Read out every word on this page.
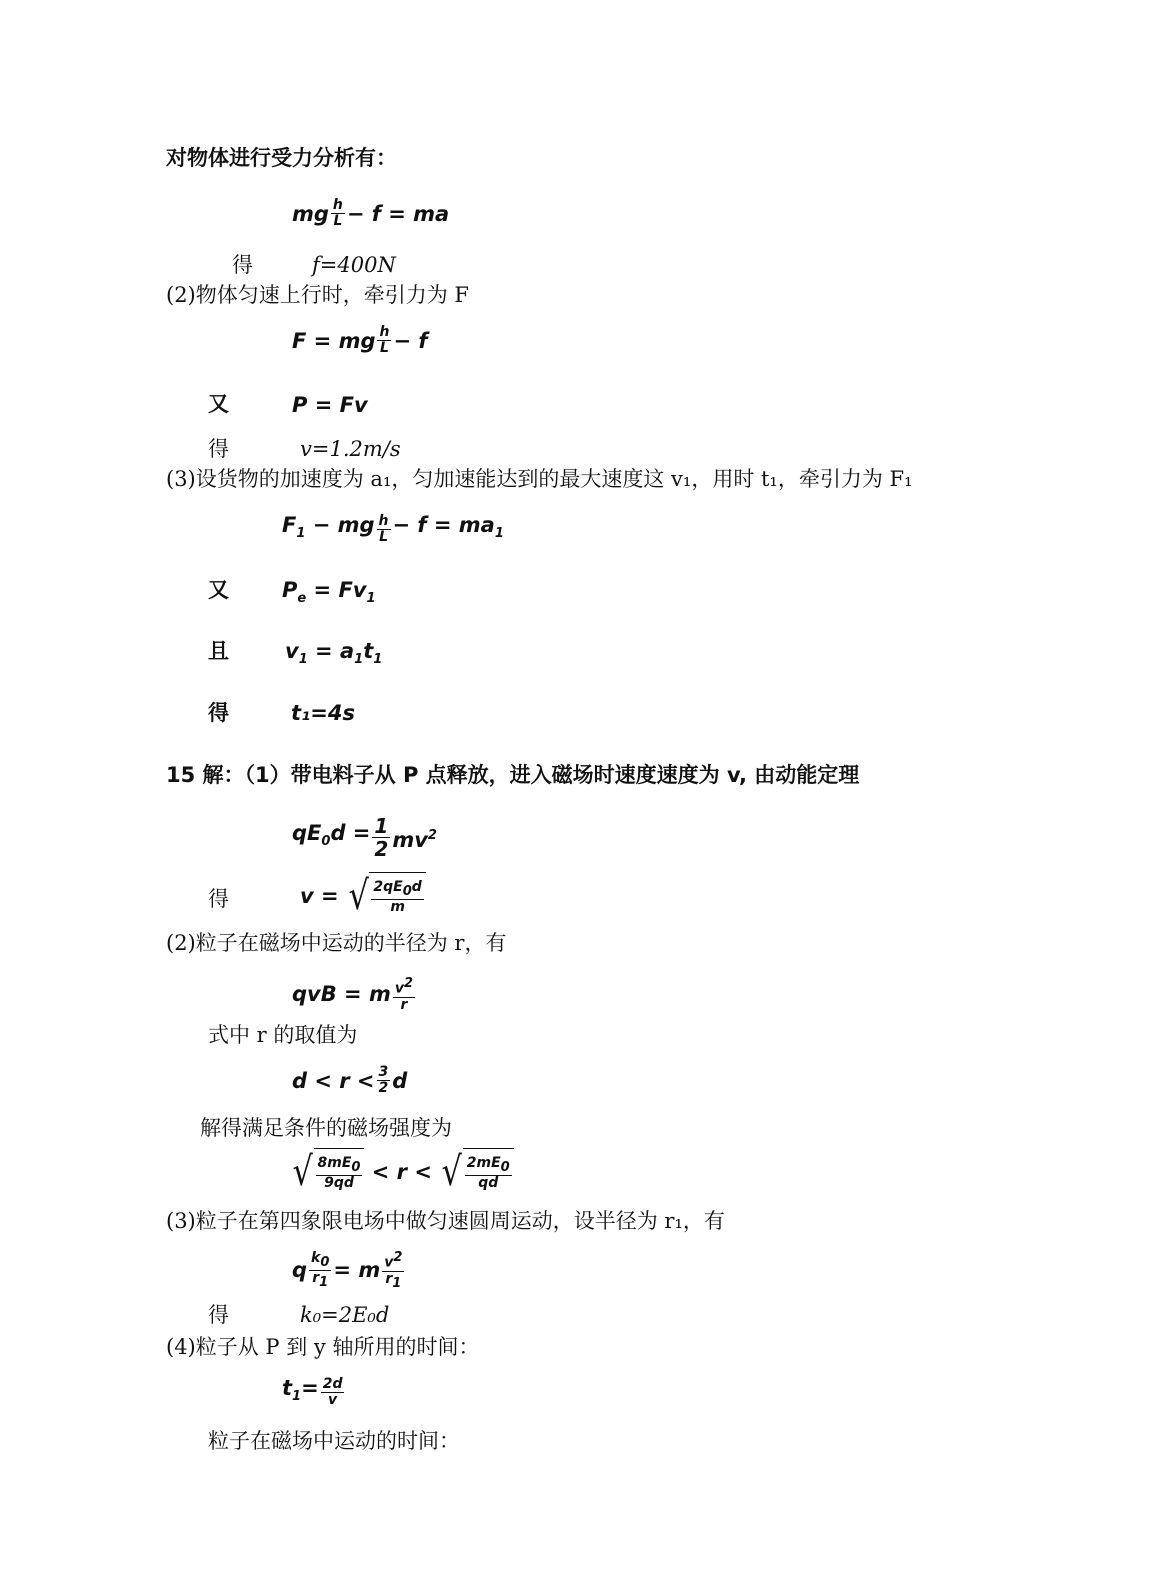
对物体进行受力分析有：
mg $\frac{h}{L} - f$ = ma
得	f=400N
(2)物体匀速上行时，牵引力为 F
F = mg $\frac{h}{L} - f$
又	P = Fv
得	v=1.2m/s
(3)设货物的加速度为 a₁，匀加速能达到的最大速度这 v₁，用时 t₁，牵引力为 F₁
$F_1$ − mg $\frac{h}{L} - f = ma_1$
又	$P_e = Fv_1$
且	$v_1 = a_1t_1$
得	t₁=4s
15 解：（1）带电料子从 P 点释放，进入磁场时速度速度为 v, 由动能定理
$qE_0d = \frac{1}{2} mv^2$
得	v = √ $\frac{2qE_0d}{m}$
(2)粒子在磁场中运动的半径为 r，有
qvB = m $\frac{v^2}{r}$
式中 r 的取值为
$d < r < \frac{3}{2}$ d
解得满足条件的磁场强度为
√ $\frac{8mE_0}{9qd} < r$ < √ $\frac{2mE_0}{qd}$
(3)粒子在第四象限电场中做匀速圆周运动，设半径为 r₁，有
q $\frac{k_0}{r_1} = m \frac{v^2}{r_1}$
得	k₀=2E₀d
(4)粒子从 P 到 y 轴所用的时间：
$t_1= \frac{2d}{v}$
粒子在磁场中运动的时间：
